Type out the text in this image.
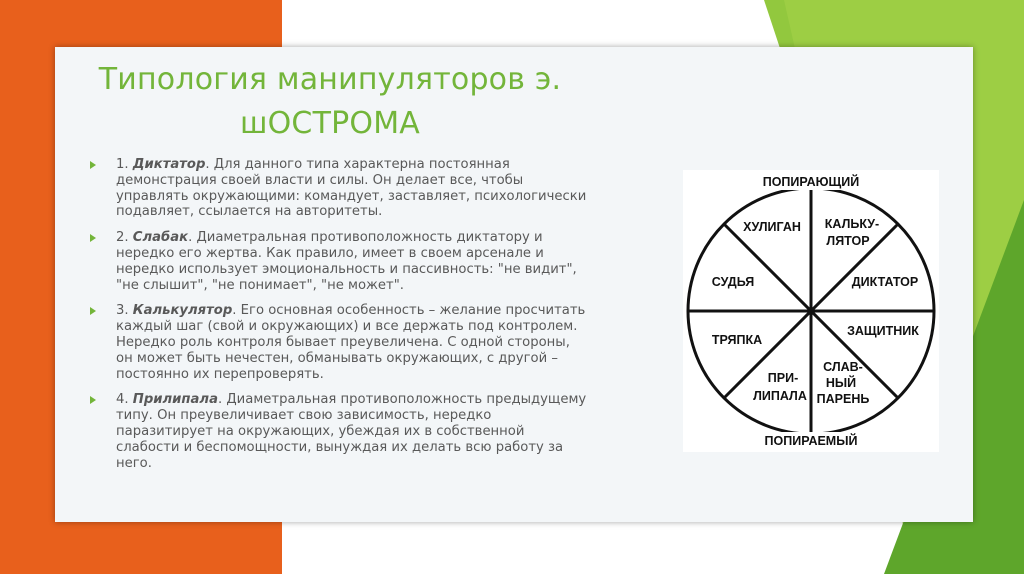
Типология манипуляторов э. шОСТРОМА
1. Диктатор. Для данного типа характерна постоянная демонстрация своей власти и силы. Он делает все, чтобы управлять окружающими: командует, заставляет, психологически подавляет, ссылается на авторитеты.
2. Слабак. Диаметральная противоположность диктатору и нередко его жертва. Как правило, имеет в своем арсенале и нередко использует эмоциональность и пассивность: "не видит", "не слышит", "не понимает", "не может".
3. Калькулятор. Его основная особенность – желание просчитать каждый шаг (свой и окружающих) и все держать под контролем. Нередко роль контроля бывает преувеличена. С одной стороны, он может быть нечестен, обманывать окружающих, с другой – постоянно их перепроверять.
4. Прилипала. Диаметральная противоположность предыдущему типу. Он преувеличивает свою зависимость, нередко паразитирует на окружающих, убеждая их в собственной слабости и беспомощности, вынуждая их делать всю работу за него.
ПОПИРАЮЩИЙ
ПОПИРАЕМЫЙ
ХУЛИГАН КАЛЬКУ-
ЛЯТОР
СУДЬЯ	ДИКТАТОР
ТРЯПКА
ЗАЩИТНИК
ПРИ-
ЛИПАЛА
СЛАВ-
НЫЙ
ПАРЕНЬ
